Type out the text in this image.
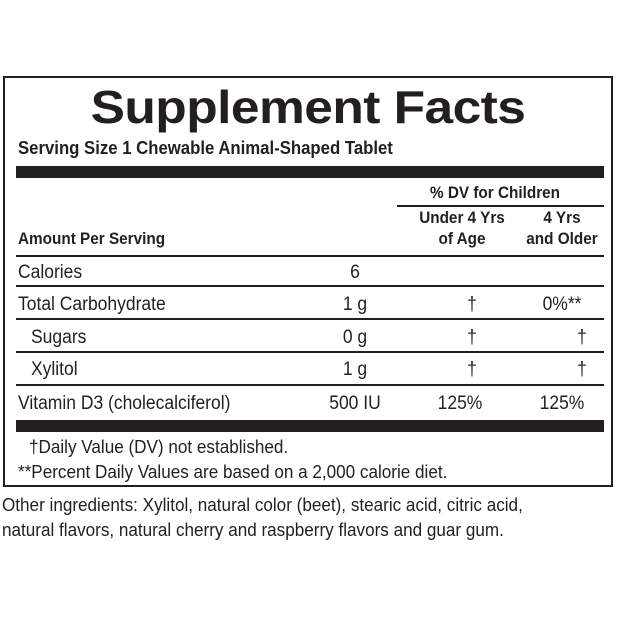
Supplement Facts
Serving Size 1 Chewable Animal-Shaped Tablet
% DV for Children
Under 4 Yrs
of Age
4 Yrs
and Older
Amount Per Serving
Calories	6
Total Carbohydrate	1 g	†	0%**
Sugars	0 g	†	†
Xylitol	1 g	†	†
Vitamin D3 (cholecalciferol)	500 IU	125%	125%
†Daily Value (DV) not established.
**Percent Daily Values are based on a 2,000 calorie diet.
Other ingredients: Xylitol, natural color (beet), stearic acid, citric acid,
natural flavors, natural cherry and raspberry flavors and guar gum.
